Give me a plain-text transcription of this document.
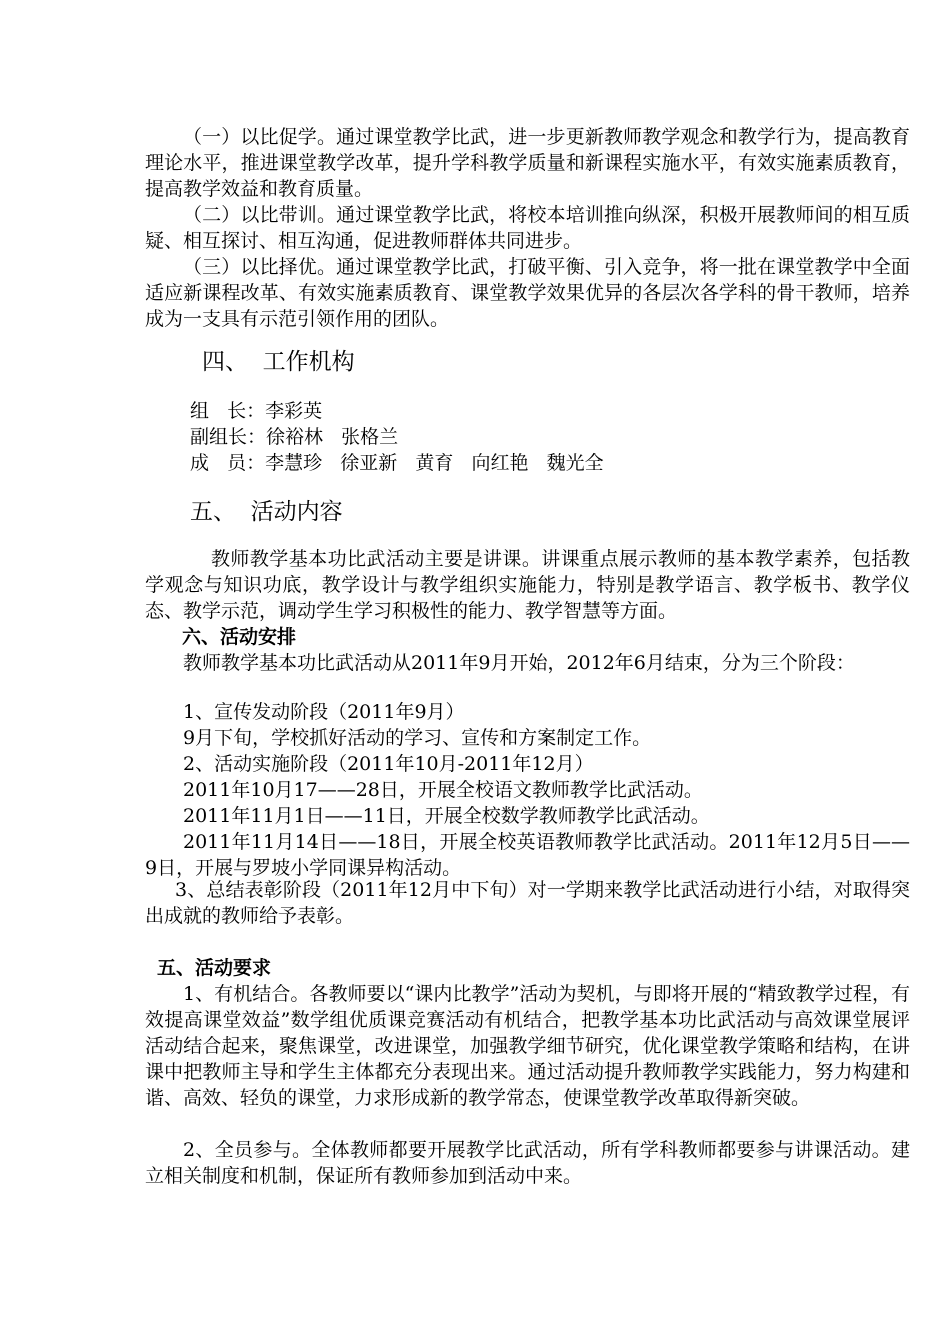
（一）以比促学。通过课堂教学比武，进一步更新教师教学观念和教学行为，提高教育理论水平，推进课堂教学改革，提升学科教学质量和新课程实施水平，有效实施素质教育，提高教学效益和教育质量。

（二）以比带训。通过课堂教学比武，将校本培训推向纵深，积极开展教师间的相互质疑、相互探讨、相互沟通，促进教师群体共同进步。

（三）以比择优。通过课堂教学比武，打破平衡、引入竞争，将一批在课堂教学中全面适应新课程改革、有效实施素质教育、课堂教学效果优异的各层次各学科的骨干教师，培养成为一支具有示范引领作用的团队。

四、  工作机构

组   长：李彩英

副组长：徐裕林   张格兰

成   员：李慧珍   徐亚新   黄育   向红艳   魏光全

五、  活动内容

教师教学基本功比武活动主要是讲课。讲课重点展示教师的基本教学素养，包括教学观念与知识功底，教学设计与教学组织实施能力，特别是教学语言、教学板书、教学仪态、教学示范，调动学生学习积极性的能力、教学智慧等方面。

六、活动安排

教师教学基本功比武活动从2011年9月开始，2012年6月结束，分为三个阶段：

1、宣传发动阶段（2011年9月）

9月下旬，学校抓好活动的学习、宣传和方案制定工作。

2、活动实施阶段（2011年10月-2011年12月）

2011年10月17——28日，开展全校语文教师教学比武活动。

2011年11月1日——11日，开展全校数学教师教学比武活动。

2011年11月14日——18日，开展全校英语教师教学比武活动。2011年12月5日——9日，开展与罗坡小学同课异构活动。

3、总结表彰阶段（2011年12月中下旬）对一学期来教学比武活动进行小结，对取得突出成就的教师给予表彰。

五、活动要求

1、有机结合。各教师要以“课内比教学”活动为契机，与即将开展的“精致教学过程，有效提高课堂效益”数学组优质课竞赛活动有机结合，把教学基本功比武活动与高效课堂展评活动结合起来，聚焦课堂，改进课堂，加强教学细节研究，优化课堂教学策略和结构，在讲课中把教师主导和学生主体都充分表现出来。通过活动提升教师教学实践能力，努力构建和谐、高效、轻负的课堂，力求形成新的教学常态，使课堂教学改革取得新突破。

2、全员参与。全体教师都要开展教学比武活动，所有学科教师都要参与讲课活动。建立相关制度和机制，保证所有教师参加到活动中来。
